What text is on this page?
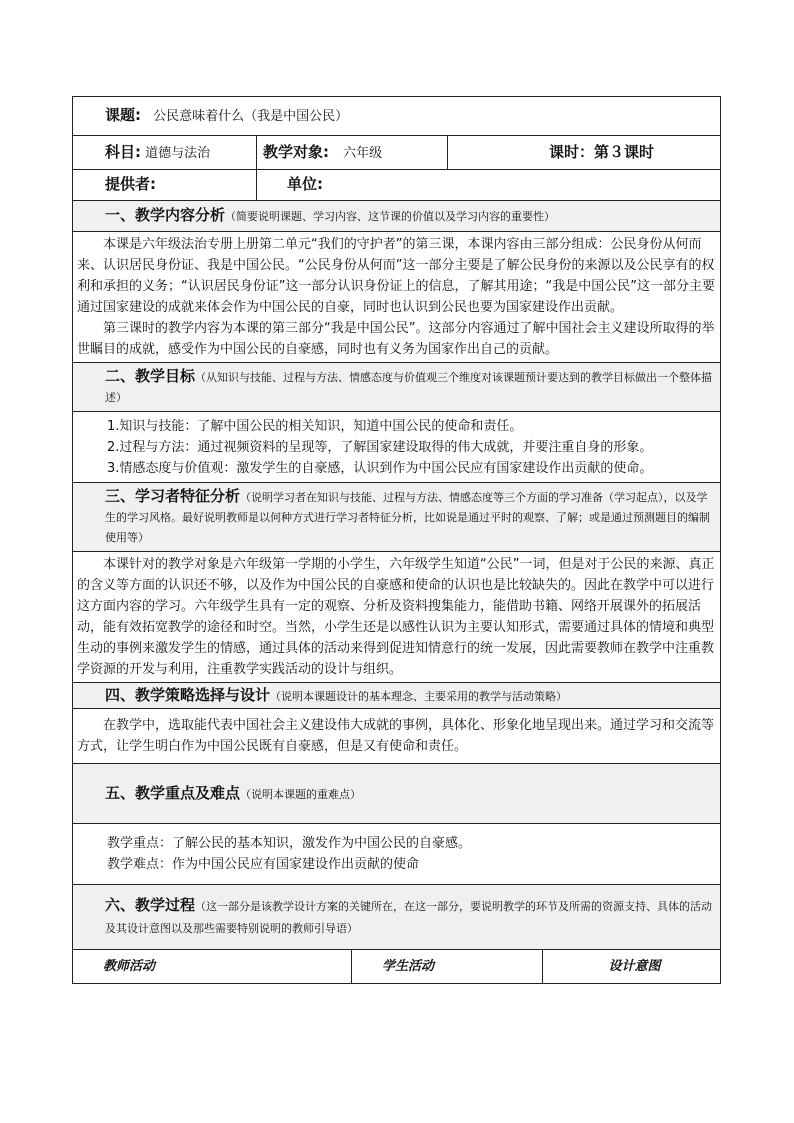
课题: 公民意味着什么（我是中国公民）				
科目: 道德与法治	教学对象: 六年级		课时：第３课时	
提供者:	单位:			
一、教学内容分析（简要说明课题、学习内容、这节课的价值以及学习内容的重要性）				

本课是六年级法治专册上册第二单元“我们的守护者”的第三课，本课内容由三部分组成：公民身份从何而来、认识居民身份证、我是中国公民。“公民身份从何而”这一部分主要是了解公民身份的来源以及公民享有的权利和承担的义务；“认识居民身份证”这一部分认识身份证上的信息，了解其用途；“我是中国公民”这一部分主要通过国家建设的成就来体会作为中国公民的自豪，同时也认识到公民也要为国家建设作出贡献。

第三课时的教学内容为本课的第三部分“我是中国公民”。这部分内容通过了解中国社会主义建设所取得的举世瞩目的成就，感受作为中国公民的自豪感，同时也有义务为国家作出自己的贡献。				

二、教学目标（从知识与技能、过程与方法、情感态度与价值观三个维度对该课题预计要达到的教学目标做出一个整体描述）				

1.知识与技能：了解中国公民的相关知识，知道中国公民的使命和责任。

2.过程与方法：通过视频资料的呈现等，了解国家建设取得的伟大成就，并要注重自身的形象。

3.情感态度与价值观：激发学生的自豪感，认识到作为中国公民应有国家建设作出贡献的使命。				

三、学习者特征分析（说明学习者在知识与技能、过程与方法、情感态度等三个方面的学习准备（学习起点），以及学生的学习风格。最好说明教师是以何种方式进行学习者特征分析，比如说是通过平时的观察、了解；或是通过预测题目的编制使用等）				

本课针对的教学对象是六年级第一学期的小学生，六年级学生知道“公民”一词，但是对于公民的来源、真正的含义等方面的认识还不够，以及作为中国公民的自豪感和使命的认识也是比较缺失的。因此在教学中可以进行这方面内容的学习。六年级学生具有一定的观察、分析及资料搜集能力，能借助书籍、网络开展课外的拓展活动，能有效拓宽教学的途径和时空。当然，小学生还是以感性认识为主要认知形式，需要通过具体的情境和典型生动的事例来激发学生的情感，通过具体的活动来得到促进知情意行的统一发展，因此需要教师在教学中注重教学资源的开发与利用，注重教学实践活动的设计与组织。				

四、教学策略选择与设计（说明本课题设计的基本理念、主要采用的教学与活动策略）				

在教学中，选取能代表中国社会主义建设伟大成就的事例，具体化、形象化地呈现出来。通过学习和交流等方式，让学生明白作为中国公民既有自豪感，但是又有使命和责任。				

五、教学重点及难点（说明本课题的重难点）				

教学重点：了解公民的基本知识，激发作为中国公民的自豪感。

教学难点：作为中国公民应有国家建设作出贡献的使命				

六、教学过程（这一部分是该教学设计方案的关键所在，在这一部分，要说明教学的环节及所需的资源支持、具体的活动及其设计意图以及那些需要特别说明的教师引导语）				
教师活动		学生活动		设计意图
